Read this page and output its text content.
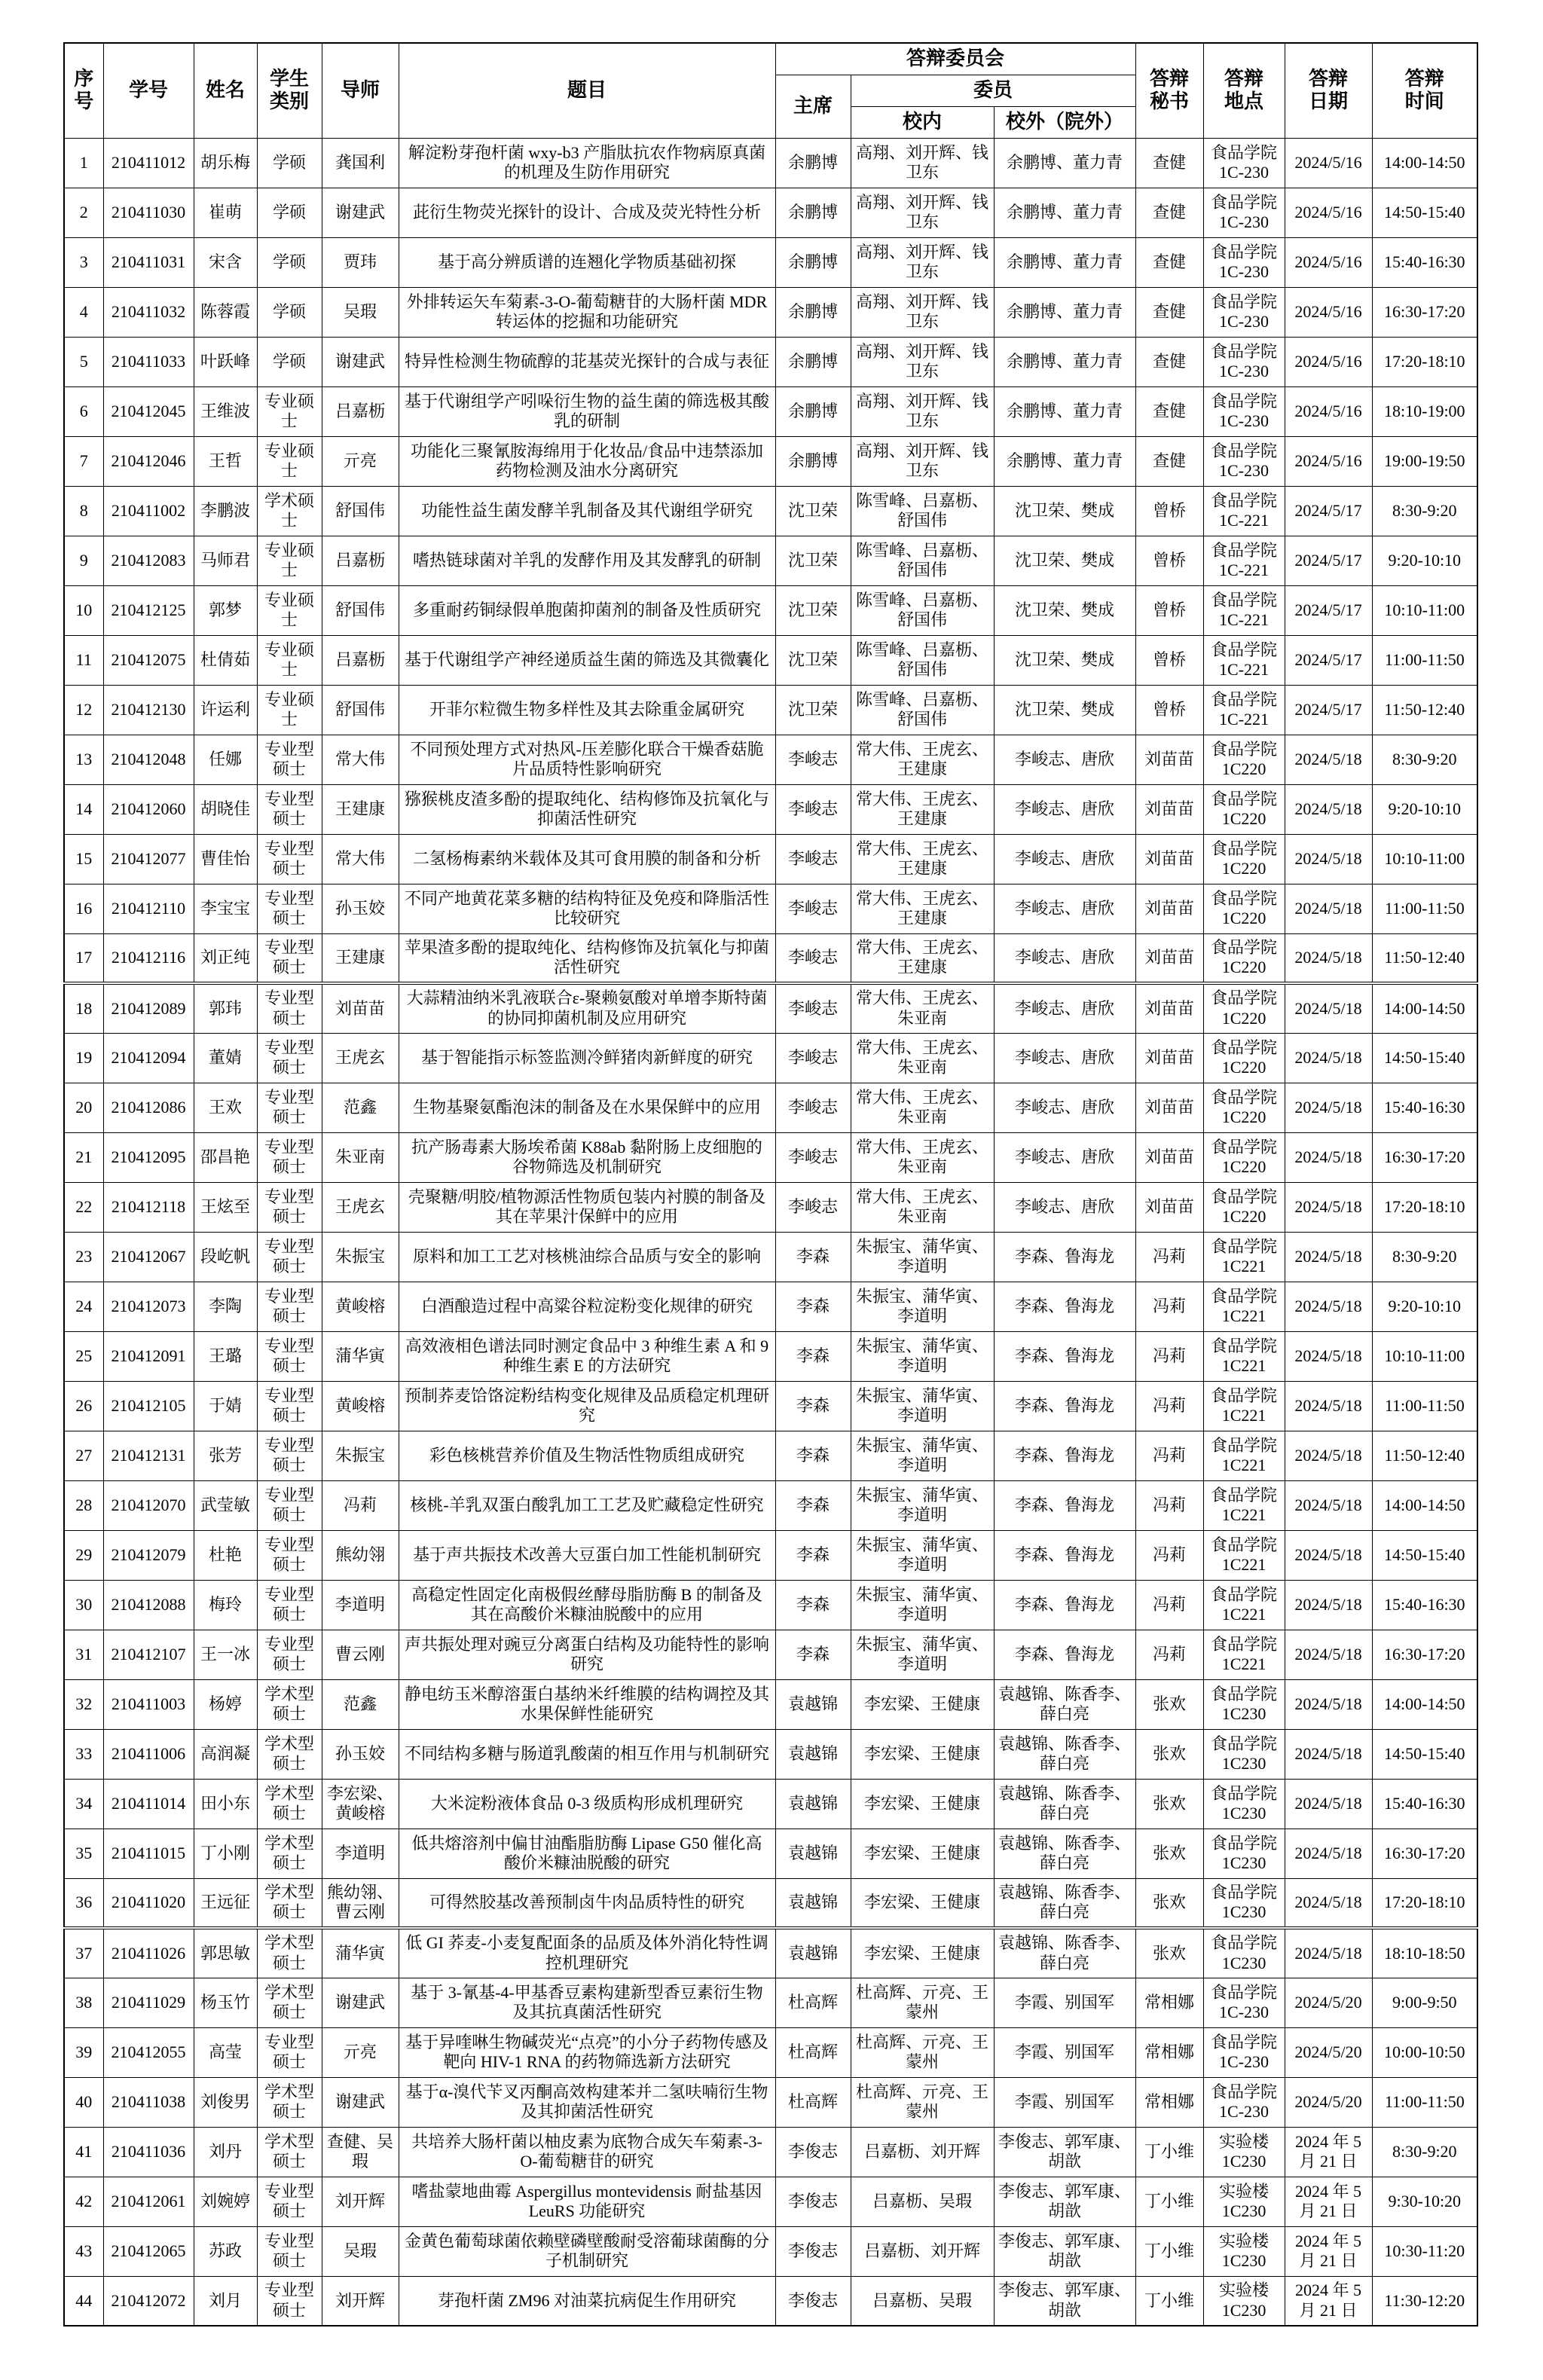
序号	学号	姓名	学生类别	导师	题目	答辩委员会			答辩秘书	答辩地点	答辩日期	答辩时间
						主席	委员					
							校内	校外（院外）				
1	210411012	胡乐梅	学硕	龚国利	解淀粉芽孢杆菌 wxy-b3 产脂肽抗农作物病原真菌的机理及生防作用研究	余鹏博	高翔、刘开辉、钱卫东	余鹏博、董力青	查健	食品学院 1C-230	2024/5/16	14:00-14:50
2	210411030	崔萌	学硕	谢建武	茈衍生物荧光探针的设计、合成及荧光特性分析	余鹏博	高翔、刘开辉、钱卫东	余鹏博、董力青	查健	食品学院 1C-230	2024/5/16	14:50-15:40
3	210411031	宋含	学硕	贾玮	基于高分辨质谱的连翘化学物质基础初探	余鹏博	高翔、刘开辉、钱卫东	余鹏博、董力青	查健	食品学院 1C-230	2024/5/16	15:40-16:30
4	210411032	陈蓉霞	学硕	吴瑕	外排转运矢车菊素-3-O-葡萄糖苷的大肠杆菌 MDR 转运体的挖掘和功能研究	余鹏博	高翔、刘开辉、钱卫东	余鹏博、董力青	查健	食品学院 1C-230	2024/5/16	16:30-17:20
5	210411033	叶跃峰	学硕	谢建武	特异性检测生物硫醇的苝基荧光探针的合成与表征	余鹏博	高翔、刘开辉、钱卫东	余鹏博、董力青	查健	食品学院 1C-230	2024/5/16	17:20-18:10
6	210412045	王维波	专业硕士	吕嘉枥	基于代谢组学产吲哚衍生物的益生菌的筛选极其酸乳的研制	余鹏博	高翔、刘开辉、钱卫东	余鹏博、董力青	查健	食品学院 1C-230	2024/5/16	18:10-19:00
7	210412046	王哲	专业硕士	亓亮	功能化三聚氰胺海绵用于化妆品/食品中违禁添加药物检测及油水分离研究	余鹏博	高翔、刘开辉、钱卫东	余鹏博、董力青	查健	食品学院 1C-230	2024/5/16	19:00-19:50
8	210411002	李鹏波	学术硕士	舒国伟	功能性益生菌发酵羊乳制备及其代谢组学研究	沈卫荣	陈雪峰、吕嘉枥、舒国伟	沈卫荣、樊成	曾桥	食品学院 1C-221	2024/5/17	8:30-9:20
9	210412083	马师君	专业硕士	吕嘉枥	嗜热链球菌对羊乳的发酵作用及其发酵乳的研制	沈卫荣	陈雪峰、吕嘉枥、舒国伟	沈卫荣、樊成	曾桥	食品学院 1C-221	2024/5/17	9:20-10:10
10	210412125	郭梦	专业硕士	舒国伟	多重耐药铜绿假单胞菌抑菌剂的制备及性质研究	沈卫荣	陈雪峰、吕嘉枥、舒国伟	沈卫荣、樊成	曾桥	食品学院 1C-221	2024/5/17	10:10-11:00
11	210412075	杜倩茹	专业硕士	吕嘉枥	基于代谢组学产神经递质益生菌的筛选及其微囊化	沈卫荣	陈雪峰、吕嘉枥、舒国伟	沈卫荣、樊成	曾桥	食品学院 1C-221	2024/5/17	11:00-11:50
12	210412130	许运利	专业硕士	舒国伟	开菲尔粒微生物多样性及其去除重金属研究	沈卫荣	陈雪峰、吕嘉枥、舒国伟	沈卫荣、樊成	曾桥	食品学院 1C-221	2024/5/17	11:50-12:40
13	210412048	任娜	专业型硕士	常大伟	不同预处理方式对热风-压差膨化联合干燥香菇脆片品质特性影响研究	李峻志	常大伟、王虎玄、王建康	李峻志、唐欣	刘苗苗	食品学院 1C220	2024/5/18	8:30-9:20
14	210412060	胡晓佳	专业型硕士	王建康	猕猴桃皮渣多酚的提取纯化、结构修饰及抗氧化与抑菌活性研究	李峻志	常大伟、王虎玄、王建康	李峻志、唐欣	刘苗苗	食品学院 1C220	2024/5/18	9:20-10:10
15	210412077	曹佳怡	专业型硕士	常大伟	二氢杨梅素纳米载体及其可食用膜的制备和分析	李峻志	常大伟、王虎玄、王建康	李峻志、唐欣	刘苗苗	食品学院 1C220	2024/5/18	10:10-11:00
16	210412110	李宝宝	专业型硕士	孙玉姣	不同产地黄花菜多糖的结构特征及免疫和降脂活性比较研究	李峻志	常大伟、王虎玄、王建康	李峻志、唐欣	刘苗苗	食品学院 1C220	2024/5/18	11:00-11:50
17	210412116	刘正纯	专业型硕士	王建康	苹果渣多酚的提取纯化、结构修饰及抗氧化与抑菌活性研究	李峻志	常大伟、王虎玄、王建康	李峻志、唐欣	刘苗苗	食品学院 1C220	2024/5/18	11:50-12:40
18	210412089	郭玮	专业型硕士	刘苗苗	大蒜精油纳米乳液联合ε-聚赖氨酸对单增李斯特菌的协同抑菌机制及应用研究	李峻志	常大伟、王虎玄、朱亚南	李峻志、唐欣	刘苗苗	食品学院 1C220	2024/5/18	14:00-14:50
19	210412094	董婧	专业型硕士	王虎玄	基于智能指示标签监测冷鲜猪肉新鲜度的研究	李峻志	常大伟、王虎玄、朱亚南	李峻志、唐欣	刘苗苗	食品学院 1C220	2024/5/18	14:50-15:40
20	210412086	王欢	专业型硕士	范鑫	生物基聚氨酯泡沫的制备及在水果保鲜中的应用	李峻志	常大伟、王虎玄、朱亚南	李峻志、唐欣	刘苗苗	食品学院 1C220	2024/5/18	15:40-16:30
21	210412095	邵昌艳	专业型硕士	朱亚南	抗产肠毒素大肠埃希菌 K88ab 黏附肠上皮细胞的谷物筛选及机制研究	李峻志	常大伟、王虎玄、朱亚南	李峻志、唐欣	刘苗苗	食品学院 1C220	2024/5/18	16:30-17:20
22	210412118	王炫至	专业型硕士	王虎玄	壳聚糖/明胶/植物源活性物质包装内衬膜的制备及其在苹果汁保鲜中的应用	李峻志	常大伟、王虎玄、朱亚南	李峻志、唐欣	刘苗苗	食品学院 1C220	2024/5/18	17:20-18:10
23	210412067	段屹帆	专业型硕士	朱振宝	原料和加工工艺对核桃油综合品质与安全的影响	李森	朱振宝、蒲华寅、李道明	李森、鲁海龙	冯莉	食品学院 1C221	2024/5/18	8:30-9:20
24	210412073	李陶	专业型硕士	黄峻榕	白酒酿造过程中高粱谷粒淀粉变化规律的研究	李森	朱振宝、蒲华寅、李道明	李森、鲁海龙	冯莉	食品学院 1C221	2024/5/18	9:20-10:10
25	210412091	王璐	专业型硕士	蒲华寅	高效液相色谱法同时测定食品中 3 种维生素 A 和 9 种维生素 E 的方法研究	李森	朱振宝、蒲华寅、李道明	李森、鲁海龙	冯莉	食品学院 1C221	2024/5/18	10:10-11:00
26	210412105	于婧	专业型硕士	黄峻榕	预制荞麦饸饹淀粉结构变化规律及品质稳定机理研究	李森	朱振宝、蒲华寅、李道明	李森、鲁海龙	冯莉	食品学院 1C221	2024/5/18	11:00-11:50
27	210412131	张芳	专业型硕士	朱振宝	彩色核桃营养价值及生物活性物质组成研究	李森	朱振宝、蒲华寅、李道明	李森、鲁海龙	冯莉	食品学院 1C221	2024/5/18	11:50-12:40
28	210412070	武莹敏	专业型硕士	冯莉	核桃-羊乳双蛋白酸乳加工工艺及贮藏稳定性研究	李森	朱振宝、蒲华寅、李道明	李森、鲁海龙	冯莉	食品学院 1C221	2024/5/18	14:00-14:50
29	210412079	杜艳	专业型硕士	熊幼翎	基于声共振技术改善大豆蛋白加工性能机制研究	李森	朱振宝、蒲华寅、李道明	李森、鲁海龙	冯莉	食品学院 1C221	2024/5/18	14:50-15:40
30	210412088	梅玲	专业型硕士	李道明	高稳定性固定化南极假丝酵母脂肪酶 B 的制备及其在高酸价米糠油脱酸中的应用	李森	朱振宝、蒲华寅、李道明	李森、鲁海龙	冯莉	食品学院 1C221	2024/5/18	15:40-16:30
31	210412107	王一冰	专业型硕士	曹云刚	声共振处理对豌豆分离蛋白结构及功能特性的影响研究	李森	朱振宝、蒲华寅、李道明	李森、鲁海龙	冯莉	食品学院 1C221	2024/5/18	16:30-17:20
32	210411003	杨婷	学术型硕士	范鑫	静电纺玉米醇溶蛋白基纳米纤维膜的结构调控及其水果保鲜性能研究	袁越锦	李宏梁、王健康	袁越锦、陈香李、薛白亮	张欢	食品学院 1C230	2024/5/18	14:00-14:50
33	210411006	高润凝	学术型硕士	孙玉姣	不同结构多糖与肠道乳酸菌的相互作用与机制研究	袁越锦	李宏梁、王健康	袁越锦、陈香李、薛白亮	张欢	食品学院 1C230	2024/5/18	14:50-15:40
34	210411014	田小东	学术型硕士	李宏梁、黄峻榕	大米淀粉液体食品 0-3 级质构形成机理研究	袁越锦	李宏梁、王健康	袁越锦、陈香李、薛白亮	张欢	食品学院 1C230	2024/5/18	15:40-16:30
35	210411015	丁小刚	学术型硕士	李道明	低共熔溶剂中偏甘油酯脂肪酶 Lipase G50 催化高酸价米糠油脱酸的研究	袁越锦	李宏梁、王健康	袁越锦、陈香李、薛白亮	张欢	食品学院 1C230	2024/5/18	16:30-17:20
36	210411020	王远征	学术型硕士	熊幼翎、曹云刚	可得然胶基改善预制卤牛肉品质特性的研究	袁越锦	李宏梁、王健康	袁越锦、陈香李、薛白亮	张欢	食品学院 1C230	2024/5/18	17:20-18:10
37	210411026	郭思敏	学术型硕士	蒲华寅	低 GI 荞麦-小麦复配面条的品质及体外消化特性调控机理研究	袁越锦	李宏梁、王健康	袁越锦、陈香李、薛白亮	张欢	食品学院 1C230	2024/5/18	18:10-18:50
38	210411029	杨玉竹	学术型硕士	谢建武	基于 3-氰基-4-甲基香豆素构建新型香豆素衍生物及其抗真菌活性研究	杜高辉	杜高辉、亓亮、王蒙州	李霞、别国军	常相娜	食品学院 1C-230	2024/5/20	9:00-9:50
39	210412055	高莹	专业型硕士	亓亮	基于异喹啉生物碱荧光“点亮”的小分子药物传感及靶向 HIV-1 RNA 的药物筛选新方法研究	杜高辉	杜高辉、亓亮、王蒙州	李霞、别国军	常相娜	食品学院 1C-230	2024/5/20	10:00-10:50
40	210411038	刘俊男	学术型硕士	谢建武	基于α-溴代苄叉丙酮高效构建苯并二氢呋喃衍生物及其抑菌活性研究	杜高辉	杜高辉、亓亮、王蒙州	李霞、别国军	常相娜	食品学院 1C-230	2024/5/20	11:00-11:50
41	210411036	刘丹	学术型硕士	查健、吴瑕	共培养大肠杆菌以柚皮素为底物合成矢车菊素-3-O-葡萄糖苷的研究	李俊志	吕嘉枥、刘开辉	李俊志、郭军康、胡歆	丁小维	实验楼 1C230	2024 年 5 月 21 日	8:30-9:20
42	210412061	刘婉婷	专业型硕士	刘开辉	嗜盐蒙地曲霉 Aspergillus montevidensis 耐盐基因 LeuRS 功能研究	李俊志	吕嘉枥、吴瑕	李俊志、郭军康、胡歆	丁小维	实验楼 1C230	2024 年 5 月 21 日	9:30-10:20
43	210412065	苏政	专业型硕士	吴瑕	金黄色葡萄球菌依赖壁磷壁酸耐受溶葡球菌酶的分子机制研究	李俊志	吕嘉枥、刘开辉	李俊志、郭军康、胡歆	丁小维	实验楼 1C230	2024 年 5 月 21 日	10:30-11:20
44	210412072	刘月	专业型硕士	刘开辉	芽孢杆菌 ZM96 对油菜抗病促生作用研究	李俊志	吕嘉枥、吴瑕	李俊志、郭军康、胡歆	丁小维	实验楼 1C230	2024 年 5 月 21 日	11:30-12:20
